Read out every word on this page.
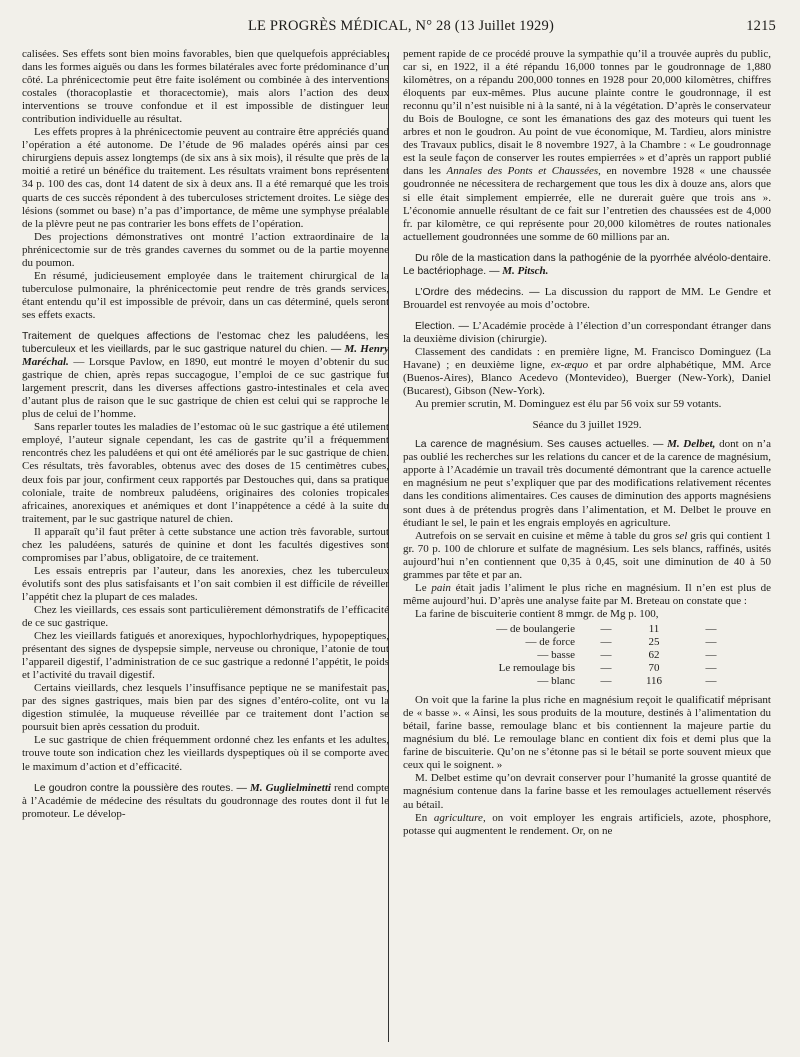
LE PROGRÈS MÉDICAL, N° 28 (13 Juillet 1929)	1215

calisées. Ses effets sont bien moins favorables, bien que quelquefois appréciables, dans les formes aiguës ou dans les formes bilatérales avec forte prédominance d’un côté. La phrénicectomie peut être faite isolément ou combinée à des interventions costales (thoracoplastie et thoracectomie), mais alors l’action des deux interventions se trouve confondue et il est impossible de distinguer leur contribution individuelle au résultat.

Les effets propres à la phrénicectomie peuvent au contraire être appréciés quand l’opération a été autonome. De l’étude de 96 malades opérés ainsi par ces chirurgiens depuis assez longtemps (de six ans à six mois), il résulte que près de la moitié a retiré un bénéfice du traitement. Les résultats vraiment bons représentent 34 p. 100 des cas, dont 14 datent de six à deux ans. Il a été remarqué que les trois quarts de ces succès répondent à des tuberculoses strictement droites. Le siège des lésions (sommet ou base) n’a pas d’importance, de même une symphyse préalable de la plèvre peut ne pas contrarier les bons effets de l’opération.

Des projections démonstratives ont montré l’action extraordinaire de la phrénicectomie sur de très grandes cavernes du sommet ou de la partie moyenne du poumon.

En résumé, judicieusement employée dans le traitement chirurgical de la tuberculose pulmonaire, la phrénicectomie peut rendre de très grands services, étant entendu qu’il est impossible de prévoir, dans un cas déterminé, quels seront ses effets exacts.

Traitement de quelques affections de l’estomac chez les paludéens, les tuberculeux et les vieillards, par le suc gastrique naturel du chien. — M. Henry Maréchal. — Lorsque Pavlow, en 1890, eut montré le moyen d’obtenir du suc gastrique de chien, après repas succagogue, l’emploi de ce suc gastrique fut largement prescrit, dans les diverses affections gastro-intestinales et cela avec d’autant plus de raison que le suc gastrique de chien est celui qui se rapproche le plus de celui de l’homme.

Sans reparler toutes les maladies de l’estomac où le suc gastrique a été utilement employé, l’auteur signale cependant, les cas de gastrite qu’il a fréquemment rencontrés chez les paludéens et qui ont été améliorés par le suc gastrique de chien. Ces résultats, très favorables, obtenus avec des doses de 15 centimètres cubes, deux fois par jour, confirment ceux rapportés par Destouches qui, dans sa pratique coloniale, traite de nombreux paludéens, originaires des colonies tropicales africaines, anorexiques et anémiques et dont l’inappétence a cédé à la suite du traitement, par le suc gastrique naturel de chien.

Il apparaît qu’il faut prêter à cette substance une action très favorable, surtout chez les paludéens, saturés de quinine et dont les facultés digestives sont compromises par l’abus, obligatoire, de ce traitement.

Les essais entrepris par l’auteur, dans les anorexies, chez les tuberculeux évolutifs sont des plus satisfaisants et l’on sait combien il est difficile de réveiller l’appétit chez la plupart de ces malades.

Chez les vieillards, ces essais sont particulièrement démonstratifs de l’efficacité de ce suc gastrique.

Chez les vieillards fatigués et anorexiques, hypochlorhydriques, hypopeptiques, présentant des signes de dyspepsie simple, nerveuse ou chronique, l’atonie de tout l’appareil digestif, l’administration de ce suc gastrique a redonné l’appétit, le poids et l’activité du travail digestif.

Certains vieillards, chez lesquels l’insuffisance peptique ne se manifestait pas, par des signes gastriques, mais bien par des signes d’entéro-colite, ont vu la digestion stimulée, la muqueuse réveillée par ce traitement dont l’action se poursuit bien après cessation du produit.

Le suc gastrique de chien fréquemment ordonné chez les enfants et les adultes, trouve toute son indication chez les vieillards dyspeptiques où il se comporte avec le maximum d’action et d’efficacité.

Le goudron contre la poussière des routes. — M. Guglielminetti rend compte à l’Académie de médecine des résultats du goudronnage des routes dont il fut le promoteur. Le dévelop-

pement rapide de ce procédé prouve la sympathie qu’il a trouvée auprès du public, car si, en 1922, il a été répandu 16,000 tonnes par le goudronnage de 1,880 kilomètres, on a répandu 200,000 tonnes en 1928 pour 20,000 kilomètres, chiffres éloquents par eux-mêmes. Plus aucune plainte contre le goudronnage, il est reconnu qu’il n’est nuisible ni à la santé, ni à la végétation. D’après le conservateur du Bois de Boulogne, ce sont les émanations des gaz des moteurs qui tuent les arbres et non le goudron. Au point de vue économique, M. Tardieu, alors ministre des Travaux publics, disait le 8 novembre 1927, à la Chambre : « Le goudronnage est la seule façon de conserver les routes empierrées » et d’après un rapport publié dans les Annales des Ponts et Chaussées, en novembre 1928 « une chaussée goudronnée ne nécessitera de rechargement que tous les dix à douze ans, alors que si elle était simplement empierrée, elle ne durerait guère que trois ans ». L’économie annuelle résultant de ce fait sur l’entretien des chaussées est de 4,000 fr. par kilomètre, ce qui représente pour 20,000 kilomètres de routes nationales actuellement goudronnées une somme de 60 millions par an.

Du rôle de la mastication dans la pathogénie de la pyorrhée alvéolo-dentaire. Le bactériophage. — M. Pitsch.

L’Ordre des médecins. — La discussion du rapport de MM. Le Gendre et Brouardel est renvoyée au mois d’octobre.

Election. — L’Académie procède à l’élection d’un correspondant étranger dans la deuxième division (chirurgie).

Classement des candidats : en première ligne, M. Francisco Dominguez (La Havane) ; en deuxième ligne, ex-æquo et par ordre alphabétique, MM. Arce (Buenos-Aires), Blanco Acedevo (Montevideo), Buerger (New-York), Daniel (Bucarest), Gibson (New-York).

Au premier scrutin, M. Dominguez est élu par 56 voix sur 59 votants.

Séance du 3 juillet 1929.

La carence de magnésium. Ses causes actuelles. — M. Delbet, dont on n’a pas oublié les recherches sur les relations du cancer et de la carence de magnésium, apporte à l’Académie un travail très documenté démontrant que la carence actuelle en magnésium ne peut s’expliquer que par des modifications relativement récentes dans les conditions alimentaires. Ces causes de diminution des apports magnésiens sont dues à de prétendus progrès dans l’alimentation, et M. Delbet le prouve en étudiant le sel, le pain et les engrais employés en agriculture.

Autrefois on se servait en cuisine et même à table du gros sel gris qui contient 1 gr. 70 p. 100 de chlorure et sulfate de magnésium. Les sels blancs, raffinés, usités aujourd’hui n’en contiennent que 0,35 à 0,45, soit une diminution de 40 à 50 grammes par tête et par an.

Le pain était jadis l’aliment le plus riche en magnésium. Il n’en est plus de même aujourd’hui. D’après une analyse faite par M. Breteau on constate que :

La farine de biscuiterie contient 8 mmgr. de Mg p. 100,

— de boulangerie	—	11	—
— de force	—	25	—
— basse	—	62	—
Le remoulage bis	—	70	—
— blanc	—	116	—

On voit que la farine la plus riche en magnésium reçoit le qualificatif méprisant de « basse ». « Ainsi, les sous produits de la mouture, destinés à l’alimentation du bétail, farine basse, remoulage blanc et bis contiennent la majeure partie du magnésium du blé. Le remoulage blanc en contient dix fois et demi plus que la farine de biscuiterie. Qu’on ne s’étonne pas si le bétail se porte souvent mieux que ceux qui le soignent. »

M. Delbet estime qu’on devrait conserver pour l’humanité la grosse quantité de magnésium contenue dans la farine basse et les remoulages actuellement réservés au bétail.

En agriculture, on voit employer les engrais artificiels, azote, phosphore, potasse qui augmentent le rendement. Or, on ne
